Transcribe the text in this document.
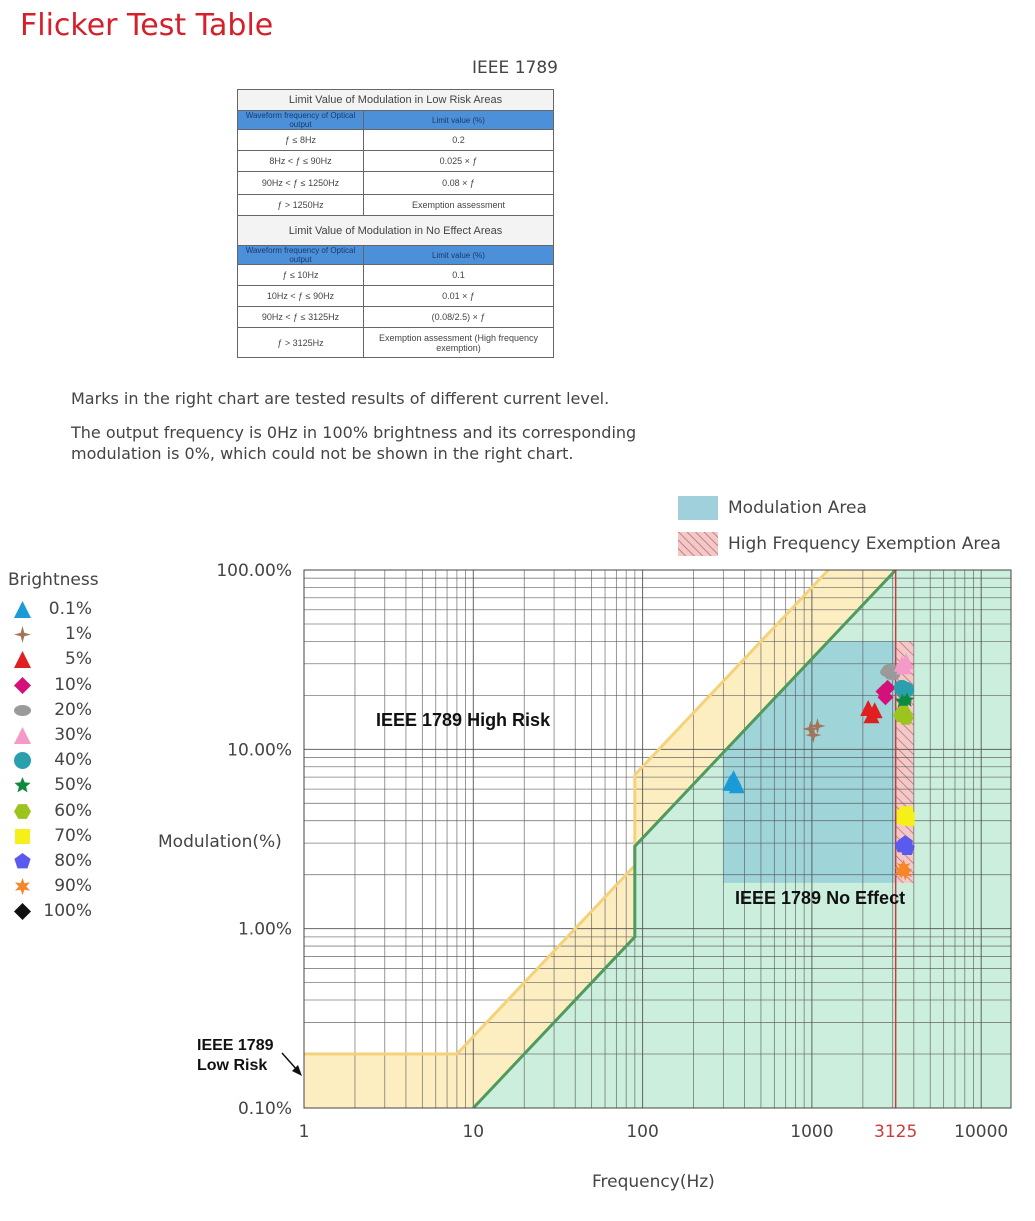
Flicker Test Table
IEEE 1789
Limit Value of Modulation in Low Risk Areas	
Waveform frequency of Optical output	Limit value (%)
ƒ ≤ 8Hz	0.2
8Hz < ƒ ≤ 90Hz	0.025 × ƒ
90Hz < ƒ ≤ 1250Hz	0.08 × ƒ
ƒ > 1250Hz	Exemption assessment
Limit Value of Modulation in No Effect Areas	
Waveform frequency of Optical output	Limit value (%)
ƒ ≤ 10Hz	0.1
10Hz < ƒ ≤ 90Hz	0.01 × ƒ
90Hz < ƒ ≤ 3125Hz	(0.08/2.5) × ƒ
ƒ > 3125Hz	Exemption assessment (High frequency exemption)
Marks in the right chart are tested results of different current level.
The output frequency is 0Hz in 100% brightness and its corresponding modulation is 0%, which could not be shown in the right chart.
Modulation Area
High Frequency Exemption Area
Brightness
0.1%
1%
5%
10%
20%
30%
40%
50%
60%
70%
80%
90%
100%
1	10	100	1000 3125 10000
100.00%
10.00%
1.00%
0.10%
IEEE 1789 High Risk
IEEE 1789 No Effect
IEEE 1789
Low Risk
Modulation(%)
Frequency(Hz)
